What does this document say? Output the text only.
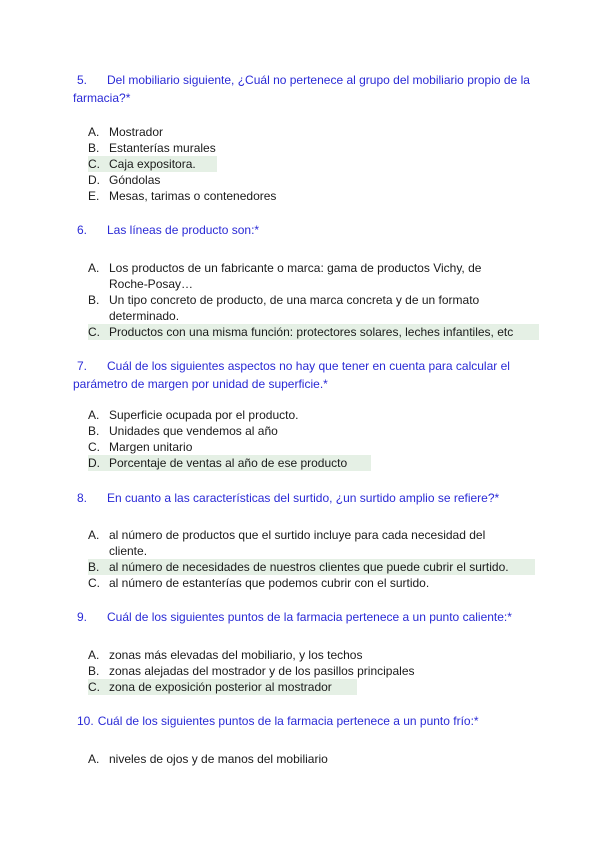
5. Del mobiliario siguiente, ¿Cuál no pertenece al grupo del mobiliario propio de la farmacia?*
A. Mostrador
B. Estanterías murales
C. Caja expositora.
D. Góndolas
E. Mesas, tarimas o contenedores
6. Las líneas de producto son:*
A. Los productos de un fabricante o marca: gama de productos Vichy, de Roche-Posay…
B. Un tipo concreto de producto, de una marca concreta y de un formato determinado.
C. Productos con una misma función: protectores solares, leches infantiles, etc
7. Cuál de los siguientes aspectos no hay que tener en cuenta para calcular el parámetro de margen por unidad de superficie.*
A. Superficie ocupada por el producto.
B. Unidades que vendemos al año
C. Margen unitario
D. Porcentaje de ventas al año de ese producto
8. En cuanto a las características del surtido, ¿un surtido amplio se refiere?*
A. al número de productos que el surtido incluye para cada necesidad del cliente.
B. al número de necesidades de nuestros clientes que puede cubrir el surtido.
C. al número de estanterías que podemos cubrir con el surtido.
9. Cuál de los siguientes puntos de la farmacia pertenece a un punto caliente:*
A. zonas más elevadas del mobiliario, y los techos
B. zonas alejadas del mostrador y de los pasillos principales
C. zona de exposición posterior al mostrador
10. Cuál de los siguientes puntos de la farmacia pertenece a un punto frío:*
A. niveles de ojos y de manos del mobiliario
